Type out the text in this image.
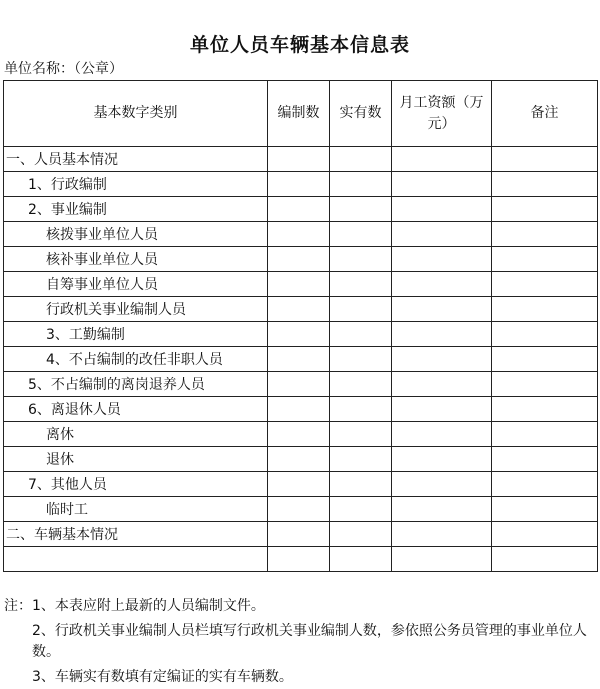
单位人员车辆基本信息表
单位名称：（公章）
基本数字类别	编制数	实有数	月工资额（万元）	备注
一、人员基本情况				
1、行政编制				
2、事业编制				
核拨事业单位人员				
核补事业单位人员				
自筹事业单位人员				
行政机关事业编制人员				
3、工勤编制				
4、不占编制的改任非职人员				
5、不占编制的离岗退养人员				
6、离退休人员				
离休				
退休				
7、其他人员				
临时工				
二、车辆基本情况				

注：1、本表应附上最新的人员编制文件。

2、行政机关事业编制人员栏填写行政机关事业编制人数，参依照公务员管理的事业单位人数。

3、车辆实有数填有定编证的实有车辆数。
